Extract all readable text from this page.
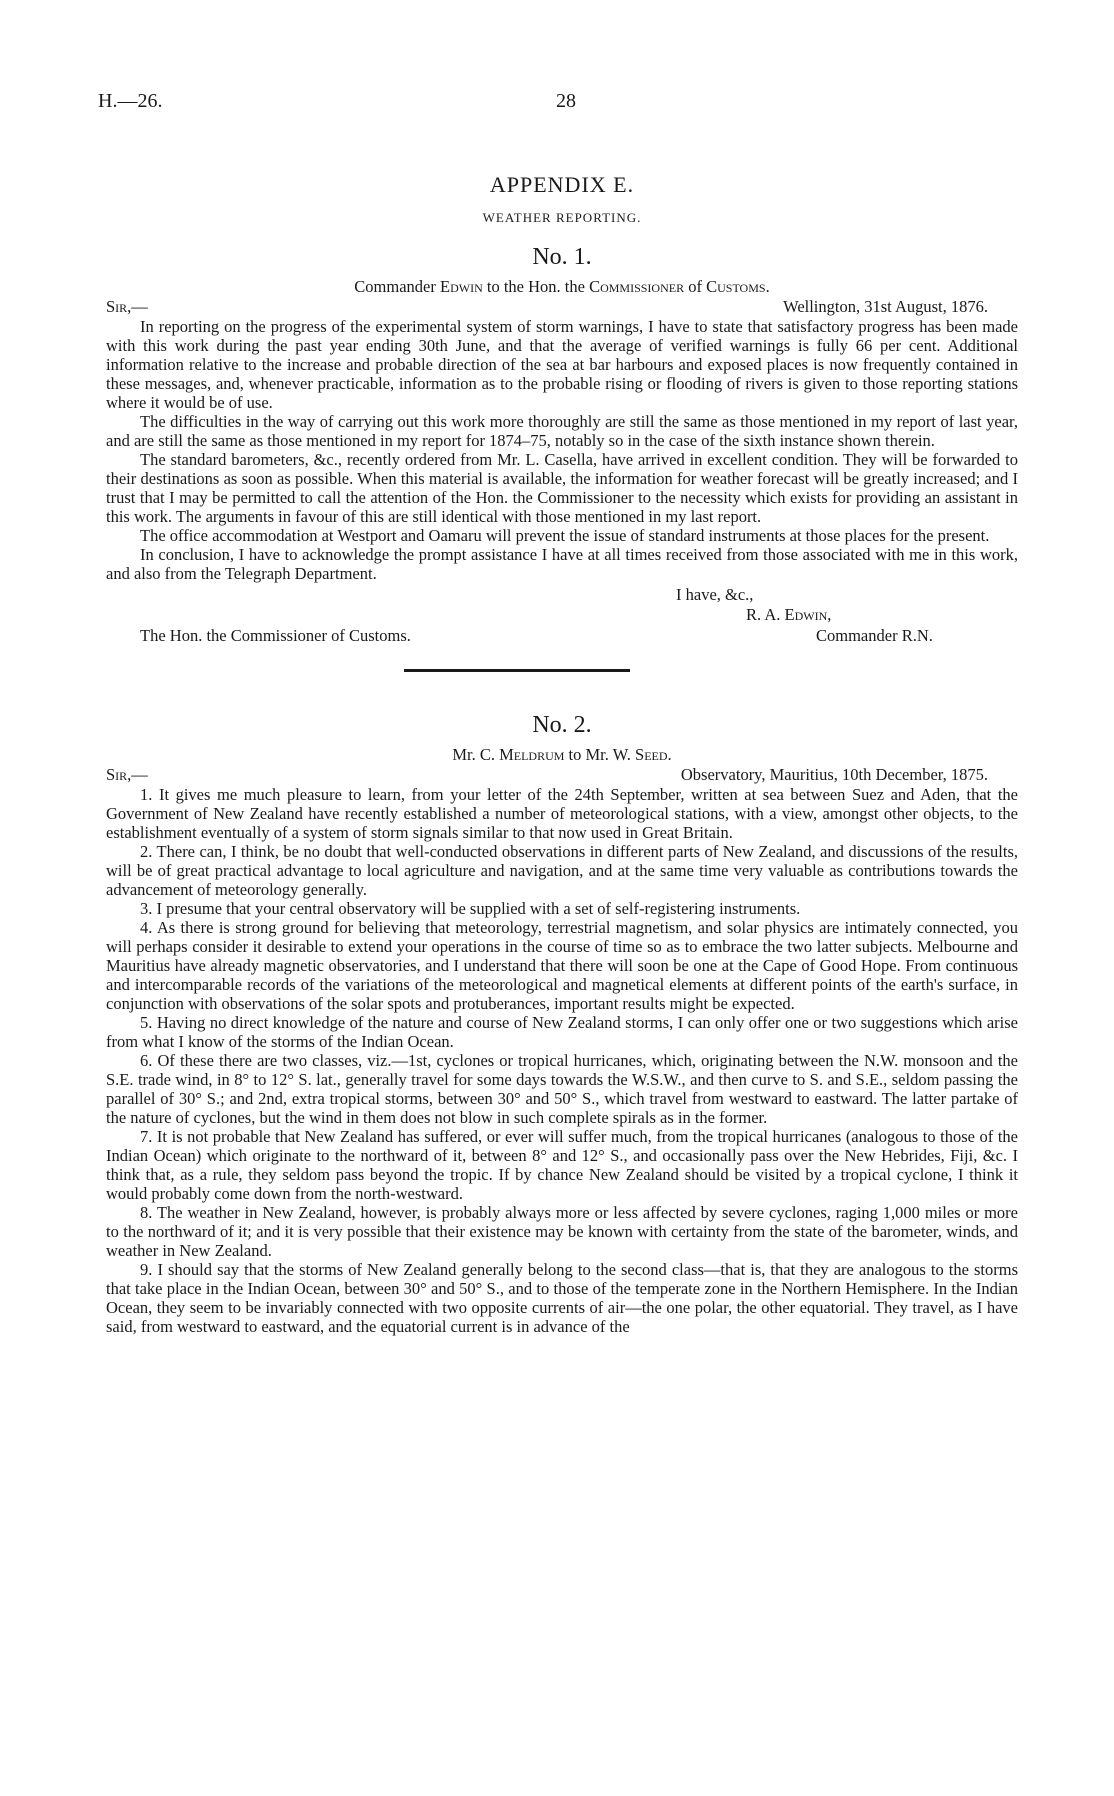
H.—26.	28
APPENDIX E.
WEATHER REPORTING.
No. 1.
Commander Edwin to the Hon. the Commissioner of Customs.
Sir,—	Wellington, 31st August, 1876.

In reporting on the progress of the experimental system of storm warnings, I have to state that satisfactory progress has been made with this work during the past year ending 30th June, and that the average of verified warnings is fully 66 per cent. Additional information relative to the increase and probable direction of the sea at bar harbours and exposed places is now frequently contained in these messages, and, whenever practicable, information as to the probable rising or flooding of rivers is given to those reporting stations where it would be of use.

The difficulties in the way of carrying out this work more thoroughly are still the same as those mentioned in my report of last year, and are still the same as those mentioned in my report for 1874–75, notably so in the case of the sixth instance shown therein.

The standard barometers, &c., recently ordered from Mr. L. Casella, have arrived in excellent condition. They will be forwarded to their destinations as soon as possible. When this material is available, the information for weather forecast will be greatly increased; and I trust that I may be permitted to call the attention of the Hon. the Commissioner to the necessity which exists for providing an assistant in this work. The arguments in favour of this are still identical with those mentioned in my last report.

The office accommodation at Westport and Oamaru will prevent the issue of standard instruments at those places for the present.

In conclusion, I have to acknowledge the prompt assistance I have at all times received from those associated with me in this work, and also from the Telegraph Department.

I have, &c.,
R. A. Edwin,
The Hon. the Commissioner of Customs.	Commander R.N.
No. 2.
Mr. C. Meldrum to Mr. W. Seed.
Sir,—	Observatory, Mauritius, 10th December, 1875.

1. It gives me much pleasure to learn, from your letter of the 24th September, written at sea between Suez and Aden, that the Government of New Zealand have recently established a number of meteorological stations, with a view, amongst other objects, to the establishment eventually of a system of storm signals similar to that now used in Great Britain.

2. There can, I think, be no doubt that well-conducted observations in different parts of New Zealand, and discussions of the results, will be of great practical advantage to local agriculture and navigation, and at the same time very valuable as contributions towards the advancement of meteorology generally.

3. I presume that your central observatory will be supplied with a set of self-registering instruments.

4. As there is strong ground for believing that meteorology, terrestrial magnetism, and solar physics are intimately connected, you will perhaps consider it desirable to extend your operations in the course of time so as to embrace the two latter subjects. Melbourne and Mauritius have already magnetic observatories, and I understand that there will soon be one at the Cape of Good Hope. From continuous and intercomparable records of the variations of the meteorological and magnetical elements at different points of the earth's surface, in conjunction with observations of the solar spots and protuberances, important results might be expected.

5. Having no direct knowledge of the nature and course of New Zealand storms, I can only offer one or two suggestions which arise from what I know of the storms of the Indian Ocean.

6. Of these there are two classes, viz.—1st, cyclones or tropical hurricanes, which, originating between the N.W. monsoon and the S.E. trade wind, in 8° to 12° S. lat., generally travel for some days towards the W.S.W., and then curve to S. and S.E., seldom passing the parallel of 30° S.; and 2nd, extra tropical storms, between 30° and 50° S., which travel from westward to eastward. The latter partake of the nature of cyclones, but the wind in them does not blow in such complete spirals as in the former.

7. It is not probable that New Zealand has suffered, or ever will suffer much, from the tropical hurricanes (analogous to those of the Indian Ocean) which originate to the northward of it, between 8° and 12° S., and occasionally pass over the New Hebrides, Fiji, &c. I think that, as a rule, they seldom pass beyond the tropic. If by chance New Zealand should be visited by a tropical cyclone, I think it would probably come down from the north-westward.

8. The weather in New Zealand, however, is probably always more or less affected by severe cyclones, raging 1,000 miles or more to the northward of it; and it is very possible that their existence may be known with certainty from the state of the barometer, winds, and weather in New Zealand.

9. I should say that the storms of New Zealand generally belong to the second class—that is, that they are analogous to the storms that take place in the Indian Ocean, between 30° and 50° S., and to those of the temperate zone in the Northern Hemisphere. In the Indian Ocean, they seem to be invariably connected with two opposite currents of air—the one polar, the other equatorial. They travel, as I have said, from westward to eastward, and the equatorial current is in advance of the
